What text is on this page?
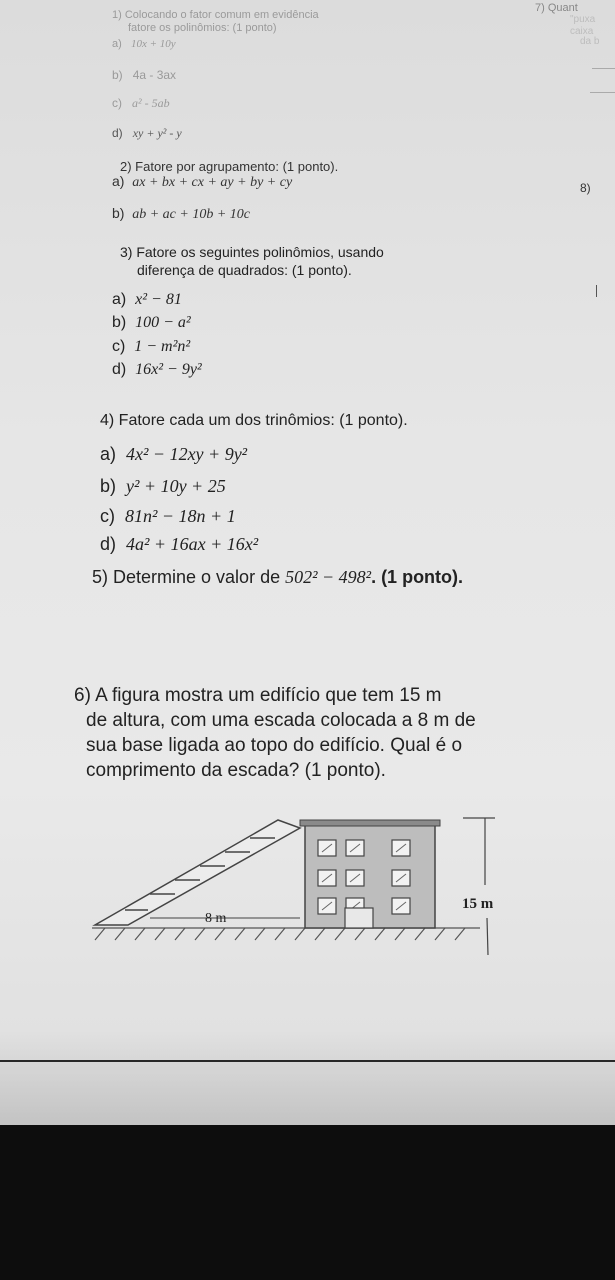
1) Colocando o fator comum em evidência
fatore os polinômios: (1 ponto)
a) 10x + 10y
b) 4a - 3ax
c) a² - 5ab
d) xy + y² - y
2) Fatore por agrupamento: (1 ponto).
a) ax + bx + cx + ay + by + cy
b) ab + ac + 10b + 10c
3) Fatore os seguintes polinômios, usando
diferença de quadrados: (1 ponto).
a) x² − 81
b) 100 − a²
c) 1 − m²n²
d) 16x² − 9y²
4) Fatore cada um dos trinômios: (1 ponto).
a) 4x² − 12xy + 9y²
b) y² + 10y + 25
c) 81n² − 18n + 1
d) 4a² + 16ax + 16x²
5) Determine o valor de 502² − 498². (1 ponto).
6) A figura mostra um edifício que tem 15 m
de altura, com uma escada colocada a 8 m de
sua base ligada ao topo do edifício. Qual é o
comprimento da escada? (1 ponto).
8 m
15 m
7) Quant
"puxa
caixa
da b
8)
